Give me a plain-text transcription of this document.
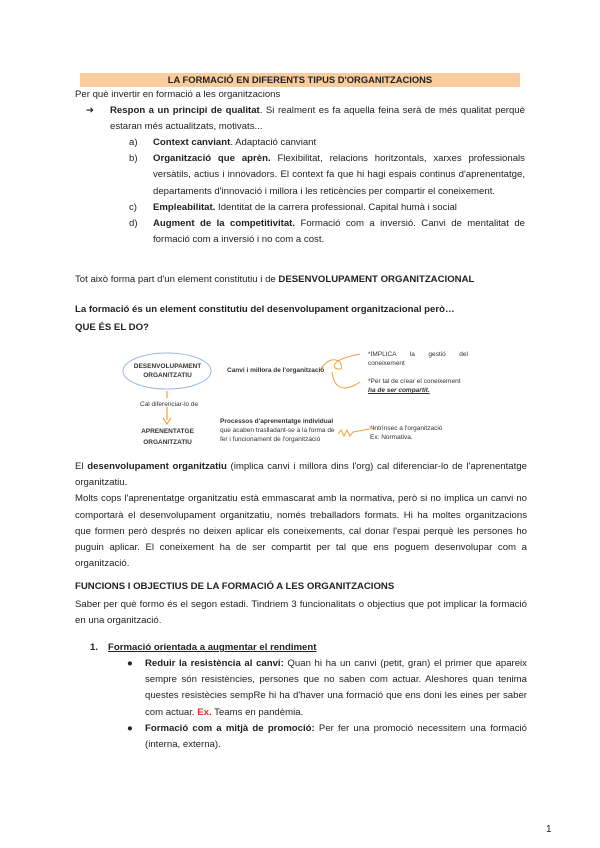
LA FORMACIÓ EN DIFERENTS TIPUS D'ORGANITZACIONS
Per què invertir en formació a les organitzacions
➔ Respon a un principi de qualitat. Si realment es fa aquella feina serà de més qualitat perquè estaran més actualitzats, motivats...
a) Context canviant. Adaptació canviant
b) Organització que aprèn. Flexibilitat, relacions horitzontals, xarxes professionals versàtils, actius i innovadors. El context fa que hi hagi espais continus d'aprenentatge, departaments d'innovació i millora i les reticències per compartir el coneixement.
c) Empleabilitat. Identitat de la carrera professional. Capital humà i social
d) Augment de la competitivitat. Formació com a inversió. Canvi de mentalitat de formació com a inversió i no com a cost.
Tot això forma part d'un element constitutiu i de DESENVOLUPAMENT ORGANITZACIONAL
La formació és un element constitutiu del desenvolupament organitzacional però…
QUE ÉS EL DO?
DESENVOLUPAMENT ORGANITZATIU
Cal diferenciar-lo de
APRENENTATGE ORGANITZATIU
Canvi i millora de l'organització
*IMPLICA la gestió del coneixement
*Per tal de crear el coneixement
ha de ser compartit.
Processos d'aprenentatge individual
que acaben traslladant-se a la forma de fer i funcionament de l'organització
*Intrínsec a l'organització
Ex: Normativa.
El desenvolupament organitzatiu (implica canvi i millora dins l'org) cal diferenciar-lo de l'aprenentatge organitzatiu.
Molts cops l'aprenentatge organitzatiu està emmascarat amb la normativa, però si no implica un canvi no comportarà el desenvolupament organitzatiu, només treballadors formats. Hi ha moltes organitzacions que formen però després no deixen aplicar els coneixements, cal donar l'espai perquè les persones ho puguin aplicar. El coneixement ha de ser compartit per tal que ens poguem desenvolupar com a organització.
FUNCIONS I OBJECTIUS DE LA FORMACIÓ A LES ORGANITZACIONS
Saber per què formo és el segon estadi. Tindriem 3 funcionalitats o objectius que pot implicar la formació en una organització.
1. Formació orientada a augmentar el rendiment
● Reduir la resistència al canvi: Quan hi ha un canvi (petit, gran) el primer que apareix sempre són resistències, persones que no saben com actuar. Aleshores quan tenima questes resistècies sempRe hi ha d'haver una formació que ens doni les eines per saber com actuar. Ex. Teams en pandèmia.
● Formació com a mitjà de promoció: Per fer una promoció necessitem una formació (interna, externa).
1
